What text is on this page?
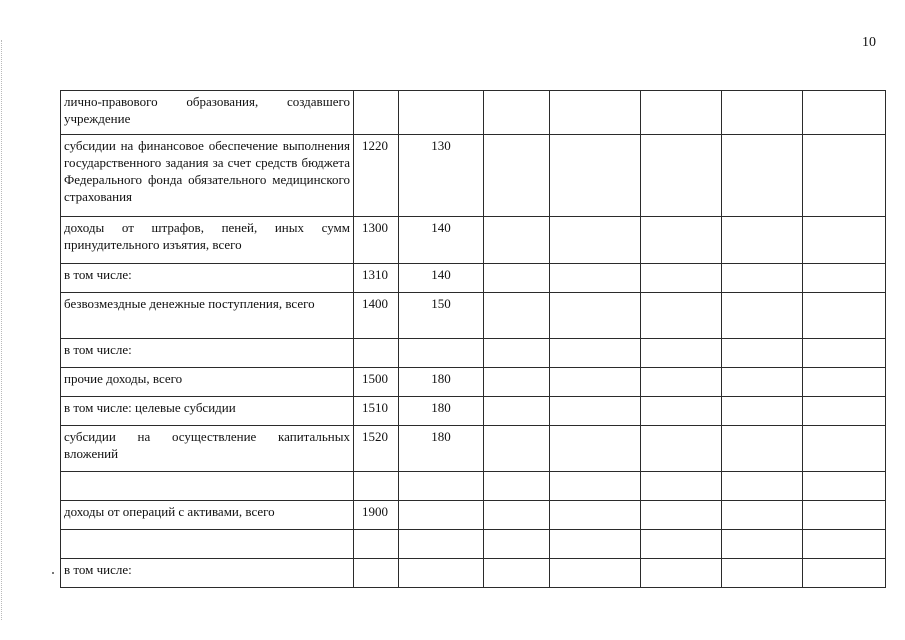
10
лично-правового образования, создавшего учреждение							
субсидии на финансовое обеспечение выполнения государственного задания за счет средств бюджета Федерального фонда обязательного медицинского страхования	1220	130					
доходы от штрафов, пеней, иных сумм принудительного изъятия, всего	1300	140					
в том числе:	1310	140					
безвозмездные денежные поступления, всего	1400	150					
в том числе:							
прочие доходы, всего	1500	180					
в том числе: целевые субсидии	1510	180					
субсидии на осуществление капитальных вложений	1520	180					

доходы от операций с активами, всего	1900						

в том числе:							
